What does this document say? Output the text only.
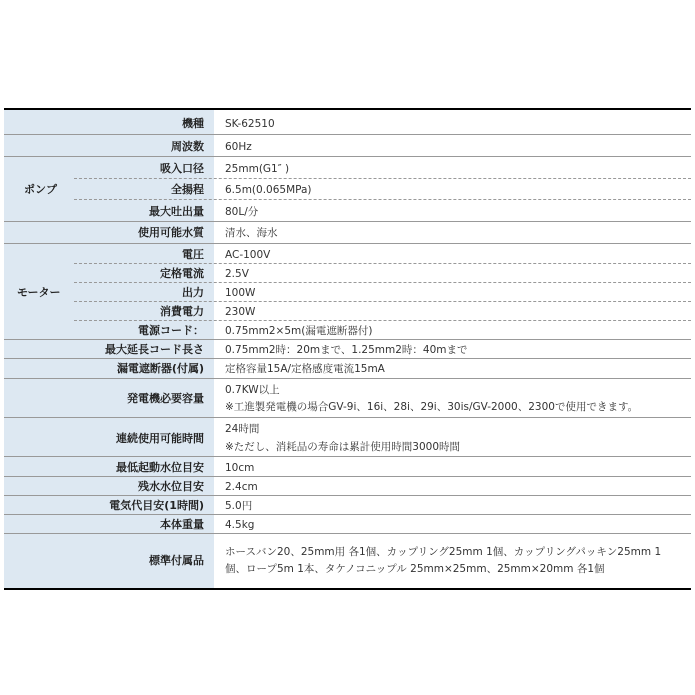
ポンプ
モーター
機種
周波数
吸入口径
全揚程
最大吐出量
使用可能水質
電圧
定格電流
出力
消費電力
電源コード：
最大延長コード長さ
漏電遮断器(付属)
発電機必要容量
連続使用可能時間
最低起動水位目安
残水水位目安
電気代目安(1時間)
本体重量
標準付属品
SK-62510
60Hz
25mm(G1″ )
6.5m(0.065MPa)
80L/分
清水、海水
AC-100V
2.5V
100W
230W
0.75mm2×5m(漏電遮断器付)
0.75mm2時：20mまで、1.25mm2時：40mまで
定格容量15A/定格感度電流15mA
0.7KW以上
※工進製発電機の場合GV-9i、16i、28i、29i、30is/GV-2000、2300で使用できます。
24時間
※ただし、消耗品の寿命は累計使用時間3000時間
10cm
2.4cm
5.0円
4.5kg
ホースバン20、25mm用 各1個、カップリング25mm 1個、カップリングパッキン25mm 1
個、ロープ5m 1本、タケノコニップル 25mm×25mm、25mm×20mm 各1個
